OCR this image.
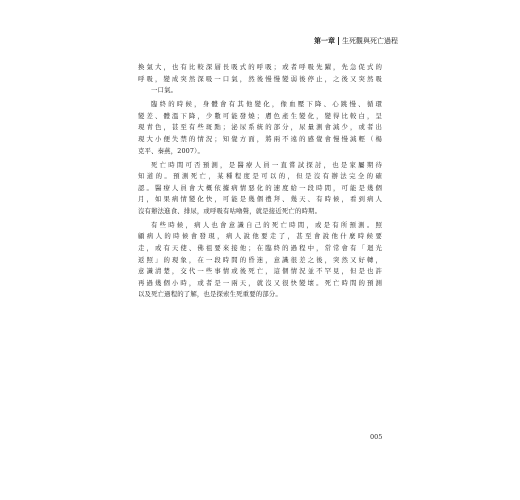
第一章 生死觀與死亡過程
換氣大，也有比較深層長吸式的呼吸；或者呼吸先躍，先急促式的
呼吸，變成突然深吸一口氣，然後慢慢變弱後停止，之後又突然吸
一口氣。
臨終的時候，身體會有其他變化，像血壓下降、心跳慢、循環
變差、體溫下降，少數可能發燒；膚色產生變化，變得比較白，呈
現青色，甚至有些斑點；泌尿系統的部分，尿量測會減少，或者出
現大小便失禁的情況；知覺方面，將兩不遠的感覺會慢慢減輕（楊
克平、秦燕，2007）。
死亡時間可否預測，是醫療人員一直嘗試探討，也是家屬期待
知道的。預測死亡，某種程度是可以的，但是沒有辦法完全的確
認。醫療人員會大概依據病情惡化的速度給一段時間，可能是幾個
月，如果病情變化快，可能是幾個禮拜、幾天、有時候，看到病人
沒有辦法進食、排尿，或呼吸有咕嚕聲，就是接近死亡的時期。
有些時候，病人也會意識自己的死亡時間，或是有所預測。照
顧病人的時候會發現，病人說他要走了，甚至會說他什麼時候要
走，或有天使、佛祖要來接他；在臨終的過程中，常常會有「迴光
返照」的現象，在一段時間的昏迷，意識很差之後，突然又好轉，
意識清楚，交代一些事情或後死亡，這個情況並不罕見，但是也許
再過幾個小時，或者是一兩天，就沒又很快變壞。死亡時間的預測
以及死亡過程的了解，也是探索生死重要的部分。
005
